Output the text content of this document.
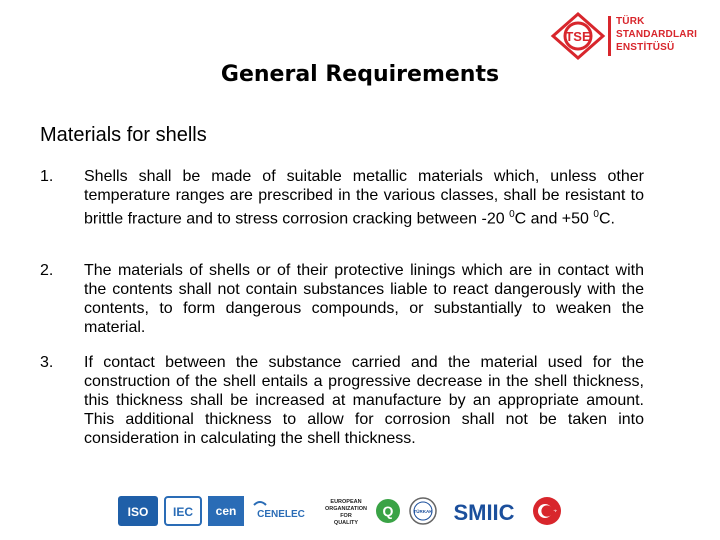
TSE
TÜRK
STANDARDLARI
ENSTİTÜSÜ
General Requirements
Materials for shells
1.	Shells shall be made of suitable metallic materials which, unless other temperature ranges are prescribed in the various classes, shall be resistant to brittle fracture and to stress corrosion cracking between -20 $^0$C and +50 $^0$C.
2.	The materials of shells or of their protective linings which are in contact with the contents shall not contain substances liable to react dangerously with the contents, to form dangerous compounds, or substantially to weaken the material.
3.	If contact between the substance carried and the material used for the construction of the shell entails a progressive decrease in the shell thickness, this thickness shall be increased at manufacture by an appropriate amount. This additional thickness to allow for corrosion shall not be taken into consideration in calculating the shell thickness.
ISO IEC cen CENELEC
EUROPEAN
ORGANIZATION
FOR
QUALITY
Q	TÜRKAK SMIIC
